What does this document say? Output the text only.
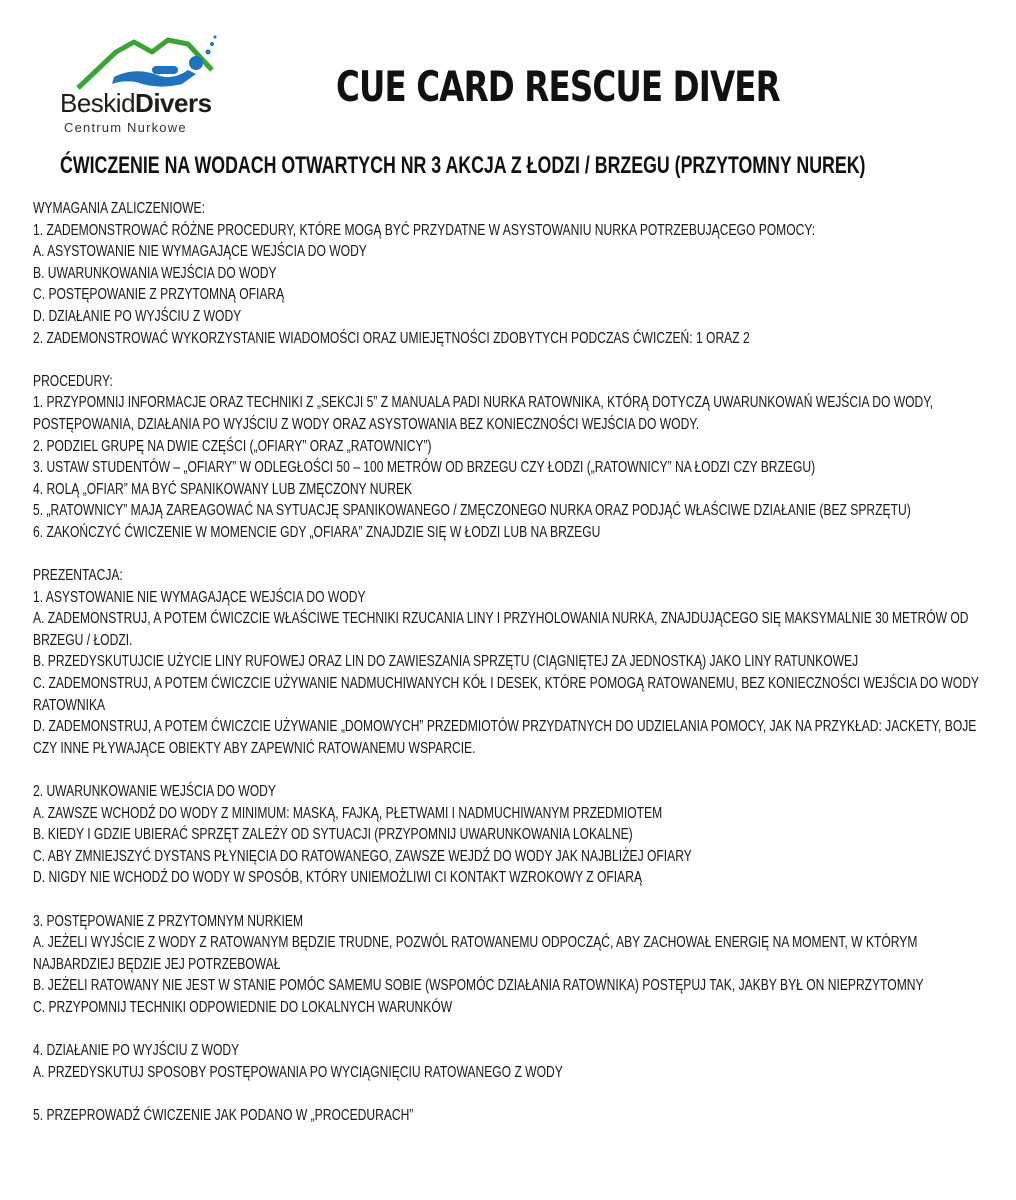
BeskidDivers
Centrum Nurkowe
CUE CARD RESCUE DIVER
ĆWICZENIE NA WODACH OTWARTYCH NR 3 AKCJA Z ŁODZI / BRZEGU (PRZYTOMNY NUREK)

WYMAGANIA ZALICZENIOWE:

1. ZADEMONSTROWAĆ RÓŻNE PROCEDURY, KTÓRE MOGĄ BYĆ PRZYDATNE W ASYSTOWANIU NURKA POTRZEBUJĄCEGO POMOCY:

A. ASYSTOWANIE NIE WYMAGAJĄCE WEJŚCIA DO WODY

B. UWARUNKOWANIA WEJŚCIA DO WODY

C. POSTĘPOWANIE Z PRZYTOMNĄ OFIARĄ

D. DZIAŁANIE PO WYJŚCIU Z WODY

2. ZADEMONSTROWAĆ WYKORZYSTANIE WIADOMOŚCI ORAZ UMIEJĘTNOŚCI ZDOBYTYCH PODCZAS ĆWICZEŃ: 1 ORAZ 2

PROCEDURY:

1. PRZYPOMNIJ INFORMACJE ORAZ TECHNIKI Z „SEKCJI 5” Z MANUALA PADI NURKA RATOWNIKA, KTÓRĄ DOTYCZĄ UWARUNKOWAŃ WEJŚCIA DO WODY, POSTĘPOWANIA, DZIAŁANIA PO WYJŚCIU Z WODY ORAZ ASYSTOWANIA BEZ KONIECZNOŚCI WEJŚCIA DO WODY.

2. PODZIEL GRUPĘ NA DWIE CZĘŚCI („OFIARY” ORAZ „RATOWNICY”)

3. USTAW STUDENTÓW – „OFIARY” W ODLEGŁOŚCI 50 – 100 METRÓW OD BRZEGU CZY ŁODZI („RATOWNICY” NA ŁODZI CZY BRZEGU)

4. ROLĄ „OFIAR” MA BYĆ SPANIKOWANY LUB ZMĘCZONY NUREK

5. „RATOWNICY” MAJĄ ZAREAGOWAĆ NA SYTUACJĘ SPANIKOWANEGO / ZMĘCZONEGO NURKA ORAZ PODJĄĆ WŁAŚCIWE DZIAŁANIE (BEZ SPRZĘTU)

6. ZAKOŃCZYĆ ĆWICZENIE W MOMENCIE GDY „OFIARA” ZNAJDZIE SIĘ W ŁODZI LUB NA BRZEGU

PREZENTACJA:

1. ASYSTOWANIE NIE WYMAGAJĄCE WEJŚCIA DO WODY

A. ZADEMONSTRUJ, A POTEM ĆWICZCIE WŁAŚCIWE TECHNIKI RZUCANIA LINY I PRZYHOLOWANIA NURKA, ZNAJDUJĄCEGO SIĘ MAKSYMALNIE 30 METRÓW OD BRZEGU / ŁODZI.

B. PRZEDYSKUTUJCIE UŻYCIE LINY RUFOWEJ ORAZ LIN DO ZAWIESZANIA SPRZĘTU (CIĄGNIĘTEJ ZA JEDNOSTKĄ) JAKO LINY RATUNKOWEJ

C. ZADEMONSTRUJ, A POTEM ĆWICZCIE UŻYWANIE NADMUCHIWANYCH KÓŁ I DESEK, KTÓRE POMOGĄ RATOWANEMU, BEZ KONIECZNOŚCI WEJŚCIA DO WODY RATOWNIKA

D. ZADEMONSTRUJ, A POTEM ĆWICZCIE UŻYWANIE „DOMOWYCH” PRZEDMIOTÓW PRZYDATNYCH DO UDZIELANIA POMOCY, JAK NA PRZYKŁAD: JACKETY, BOJE CZY INNE PŁYWAJĄCE OBIEKTY ABY ZAPEWNIĆ RATOWANEMU WSPARCIE.

2. UWARUNKOWANIE WEJŚCIA DO WODY

A. ZAWSZE WCHODŹ DO WODY Z MINIMUM: MASKĄ, FAJKĄ, PŁETWAMI I NADMUCHIWANYM PRZEDMIOTEM

B. KIEDY I GDZIE UBIERAĆ SPRZĘT ZALEŻY OD SYTUACJI (PRZYPOMNIJ UWARUNKOWANIA LOKALNE)

C. ABY ZMNIEJSZYĆ DYSTANS PŁYNIĘCIA DO RATOWANEGO, ZAWSZE WEJDŹ DO WODY JAK NAJBLIŻEJ OFIARY

D. NIGDY NIE WCHODŹ DO WODY W SPOSÓB, KTÓRY UNIEMOŻLIWI CI KONTAKT WZROKOWY Z OFIARĄ

3. POSTĘPOWANIE Z PRZYTOMNYM NURKIEM

A. JEŻELI WYJŚCIE Z WODY Z RATOWANYM BĘDZIE TRUDNE, POZWÓL RATOWANEMU ODPOCZĄĆ, ABY ZACHOWAŁ ENERGIĘ NA MOMENT, W KTÓRYM NAJBARDZIEJ BĘDZIE JEJ POTRZEBOWAŁ

B. JEŻELI RATOWANY NIE JEST W STANIE POMÓC SAMEMU SOBIE (WSPOMÓC DZIAŁANIA RATOWNIKA) POSTĘPUJ TAK, JAKBY BYŁ ON NIEPRZYTOMNY

C. PRZYPOMNIJ TECHNIKI ODPOWIEDNIE DO LOKALNYCH WARUNKÓW

4. DZIAŁANIE PO WYJŚCIU Z WODY

A. PRZEDYSKUTUJ SPOSOBY POSTĘPOWANIA PO WYCIĄGNIĘCIU RATOWANEGO Z WODY

5. PRZEPROWADŹ ĆWICZENIE JAK PODANO W „PROCEDURACH”
